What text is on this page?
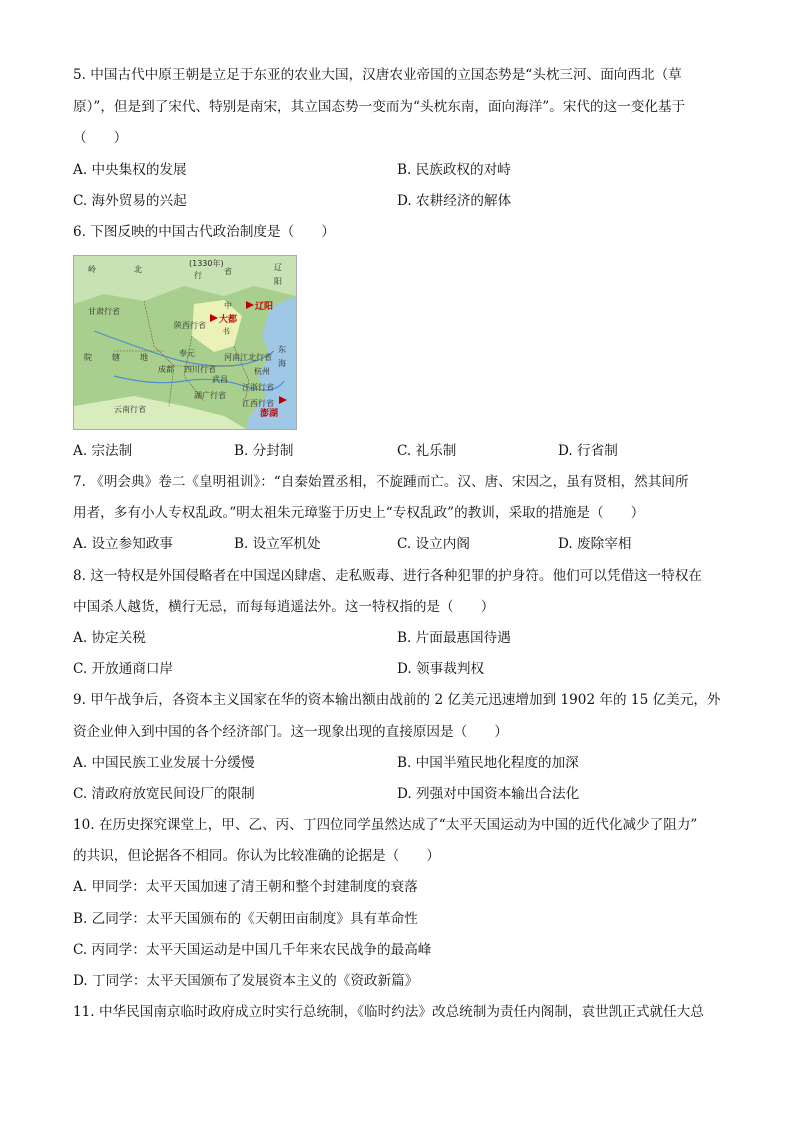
5. 中国古代中原王朝是立足于东亚的农业大国，汉唐农业帝国的立国态势是“头枕三河、面向西北（草
原）”，但是到了宋代、特别是南宋，其立国态势一变而为“头枕东南，面向海洋”。宋代的这一变化基于
（　　）
A. 中央集权的发展	B. 民族政权的对峙
C. 海外贸易的兴起	D. 农耕经济的解体
6. 下图反映的中国古代政治制度是（　　）
(1330年)
岭	北
行	省	辽
阳
甘肃行省
大都
辽阳
中
书
陕西行省
河南江北行省
院	辖	地	奉元
成都 四川行省
武昌
杭州
江浙行省
湖广行省
江西行省
云南行省	澎湖
东
海
A. 宗法制	B. 分封制	C. 礼乐制	D. 行省制
7. 《明会典》卷二《皇明祖训》：“自秦始置丞相，不旋踵而亡。汉、唐、宋因之，虽有贤相，然其间所
用者，多有小人专权乱政。”明太祖朱元璋鉴于历史上“专权乱政”的教训，采取的措施是（　　）
A. 设立参知政事	B. 设立军机处	C. 设立内阁	D. 废除宰相
8. 这一特权是外国侵略者在中国逞凶肆虐、走私贩毒、进行各种犯罪的护身符。他们可以凭借这一特权在
中国杀人越货，横行无忌，而每每逍遥法外。这一特权指的是（　　）
A. 协定关税	B. 片面最惠国待遇
C. 开放通商口岸	D. 领事裁判权
9. 甲午战争后，各资本主义国家在华的资本输出额由战前的 2 亿美元迅速增加到 1902 年的 15 亿美元，外
资企业伸入到中国的各个经济部门。这一现象出现的直接原因是（　　）
A. 中国民族工业发展十分缓慢	B. 中国半殖民地化程度的加深
C. 清政府放宽民间设厂的限制	D. 列强对中国资本输出合法化
10. 在历史探究课堂上，甲、乙、丙、丁四位同学虽然达成了“太平天国运动为中国的近代化减少了阻力”
的共识，但论据各不相同。你认为比较准确的论据是（　　）
A. 甲同学：太平天国加速了清王朝和整个封建制度的衰落
B. 乙同学：太平天国颁布的《天朝田亩制度》具有革命性
C. 丙同学：太平天国运动是中国几千年来农民战争的最高峰
D. 丁同学：太平天国颁布了发展资本主义的《资政新篇》
11. 中华民国南京临时政府成立时实行总统制，《临时约法》改总统制为责任内阁制，袁世凯正式就任大总
